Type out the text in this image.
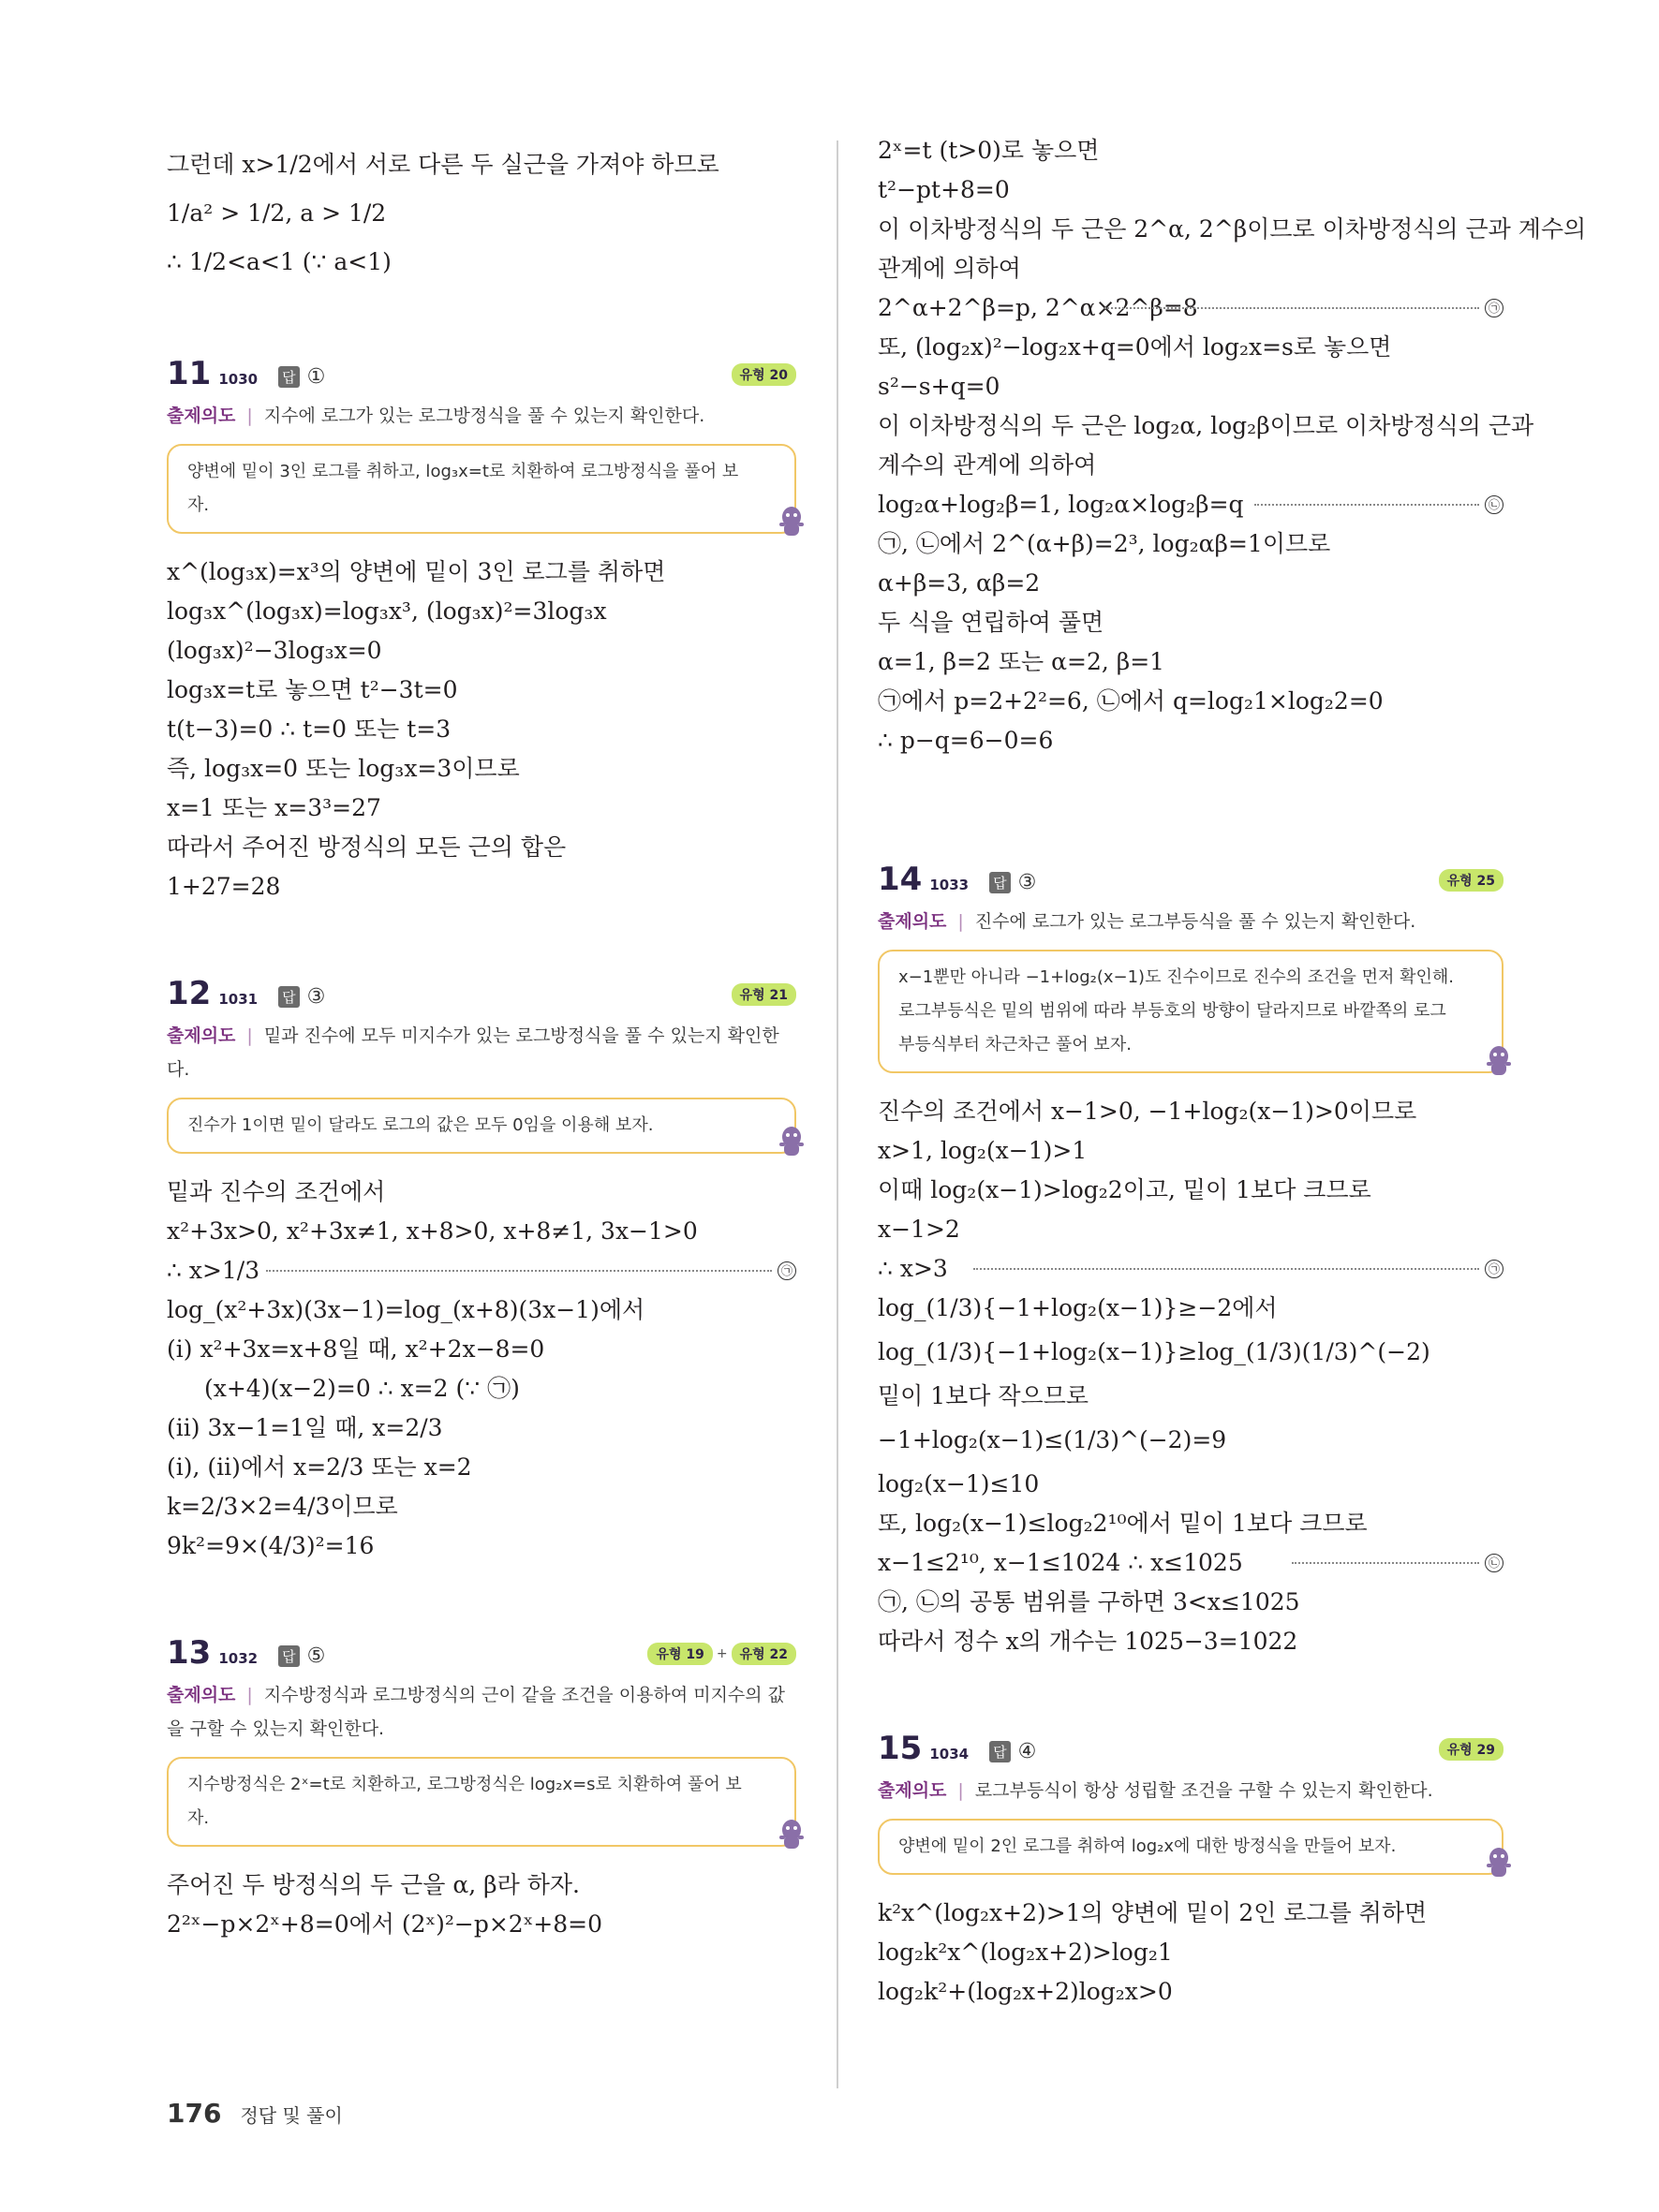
그런데 x>1/2에서 서로 다른 두 실근을 가져야 하므로
1/a² > 1/2, a > 1/2
∴ 1/2<a<1 (∵ a<1)
11 1030 답 ①	유형 20
출제의도 | 지수에 로그가 있는 로그방정식을 풀 수 있는지 확인한다.
양변에 밑이 3인 로그를 취하고, log₃x=t로 치환하여 로그방정식을 풀어 보자.
x^(log₃x)=x³의 양변에 밑이 3인 로그를 취하면
log₃x^(log₃x)=log₃x³, (log₃x)²=3log₃x
(log₃x)²−3log₃x=0
log₃x=t로 놓으면 t²−3t=0
t(t−3)=0 ∴ t=0 또는 t=3
즉, log₃x=0 또는 log₃x=3이므로
x=1 또는 x=3³=27
따라서 주어진 방정식의 모든 근의 합은
1+27=28
12 1031 답 ③	유형 21
출제의도 | 밑과 진수에 모두 미지수가 있는 로그방정식을 풀 수 있는지 확인한다.
진수가 1이면 밑이 달라도 로그의 값은 모두 0임을 이용해 보자.
밑과 진수의 조건에서
x²+3x>0, x²+3x≠1, x+8>0, x+8≠1, 3x−1>0
∴ x>1/3	㉠
log_(x²+3x)(3x−1)=log_(x+8)(3x−1)에서
(i) x²+3x=x+8일 때, x²+2x−8=0
(x+4)(x−2)=0 ∴ x=2 (∵ ㉠)
(ii) 3x−1=1일 때, x=2/3
(i), (ii)에서 x=2/3 또는 x=2
k=2/3×2=4/3이므로
9k²=9×(4/3)²=16
13 1032 답 ⑤	유형 19 + 유형 22
출제의도 | 지수방정식과 로그방정식의 근이 같을 조건을 이용하여 미지수의 값을 구할 수 있는지 확인한다.
지수방정식은 2ˣ=t로 치환하고, 로그방정식은 log₂x=s로 치환하여 풀어 보자.
주어진 두 방정식의 두 근을 α, β라 하자.
2²ˣ−p×2ˣ+8=0에서 (2ˣ)²−p×2ˣ+8=0
2ˣ=t (t>0)로 놓으면
t²−pt+8=0
이 이차방정식의 두 근은 2^α, 2^β이므로 이차방정식의 근과 계수의
관계에 의하여
2^α+2^β=p, 2^α×2^β=8	㉠
또, (log₂x)²−log₂x+q=0에서 log₂x=s로 놓으면
s²−s+q=0
이 이차방정식의 두 근은 log₂α, log₂β이므로 이차방정식의 근과
계수의 관계에 의하여
log₂α+log₂β=1, log₂α×log₂β=q	㉡
㉠, ㉡에서 2^(α+β)=2³, log₂αβ=1이므로
α+β=3, αβ=2
두 식을 연립하여 풀면
α=1, β=2 또는 α=2, β=1
㉠에서 p=2+2²=6, ㉡에서 q=log₂1×log₂2=0
∴ p−q=6−0=6
14 1033 답 ③	유형 25
출제의도 | 진수에 로그가 있는 로그부등식을 풀 수 있는지 확인한다.
x−1뿐만 아니라 −1+log₂(x−1)도 진수이므로 진수의 조건을 먼저 확인해. 로그부등식은 밑의 범위에 따라 부등호의 방향이 달라지므로 바깥쪽의 로그부등식부터 차근차근 풀어 보자.
진수의 조건에서 x−1>0, −1+log₂(x−1)>0이므로
x>1, log₂(x−1)>1
이때 log₂(x−1)>log₂2이고, 밑이 1보다 크므로
x−1>2
∴ x>3	㉠
log_(1/3){−1+log₂(x−1)}≥−2에서
log_(1/3){−1+log₂(x−1)}≥log_(1/3)(1/3)^(−2)
밑이 1보다 작으므로
−1+log₂(x−1)≤(1/3)^(−2)=9
log₂(x−1)≤10
또, log₂(x−1)≤log₂2¹⁰에서 밑이 1보다 크므로
x−1≤2¹⁰, x−1≤1024 ∴ x≤1025	㉡
㉠, ㉡의 공통 범위를 구하면 3<x≤1025
따라서 정수 x의 개수는 1025−3=1022
15 1034 답 ④	유형 29
출제의도 | 로그부등식이 항상 성립할 조건을 구할 수 있는지 확인한다.
양변에 밑이 2인 로그를 취하여 log₂x에 대한 방정식을 만들어 보자.
k²x^(log₂x+2)>1의 양변에 밑이 2인 로그를 취하면
log₂k²x^(log₂x+2)>log₂1
log₂k²+(log₂x+2)log₂x>0
176 정답 및 풀이
